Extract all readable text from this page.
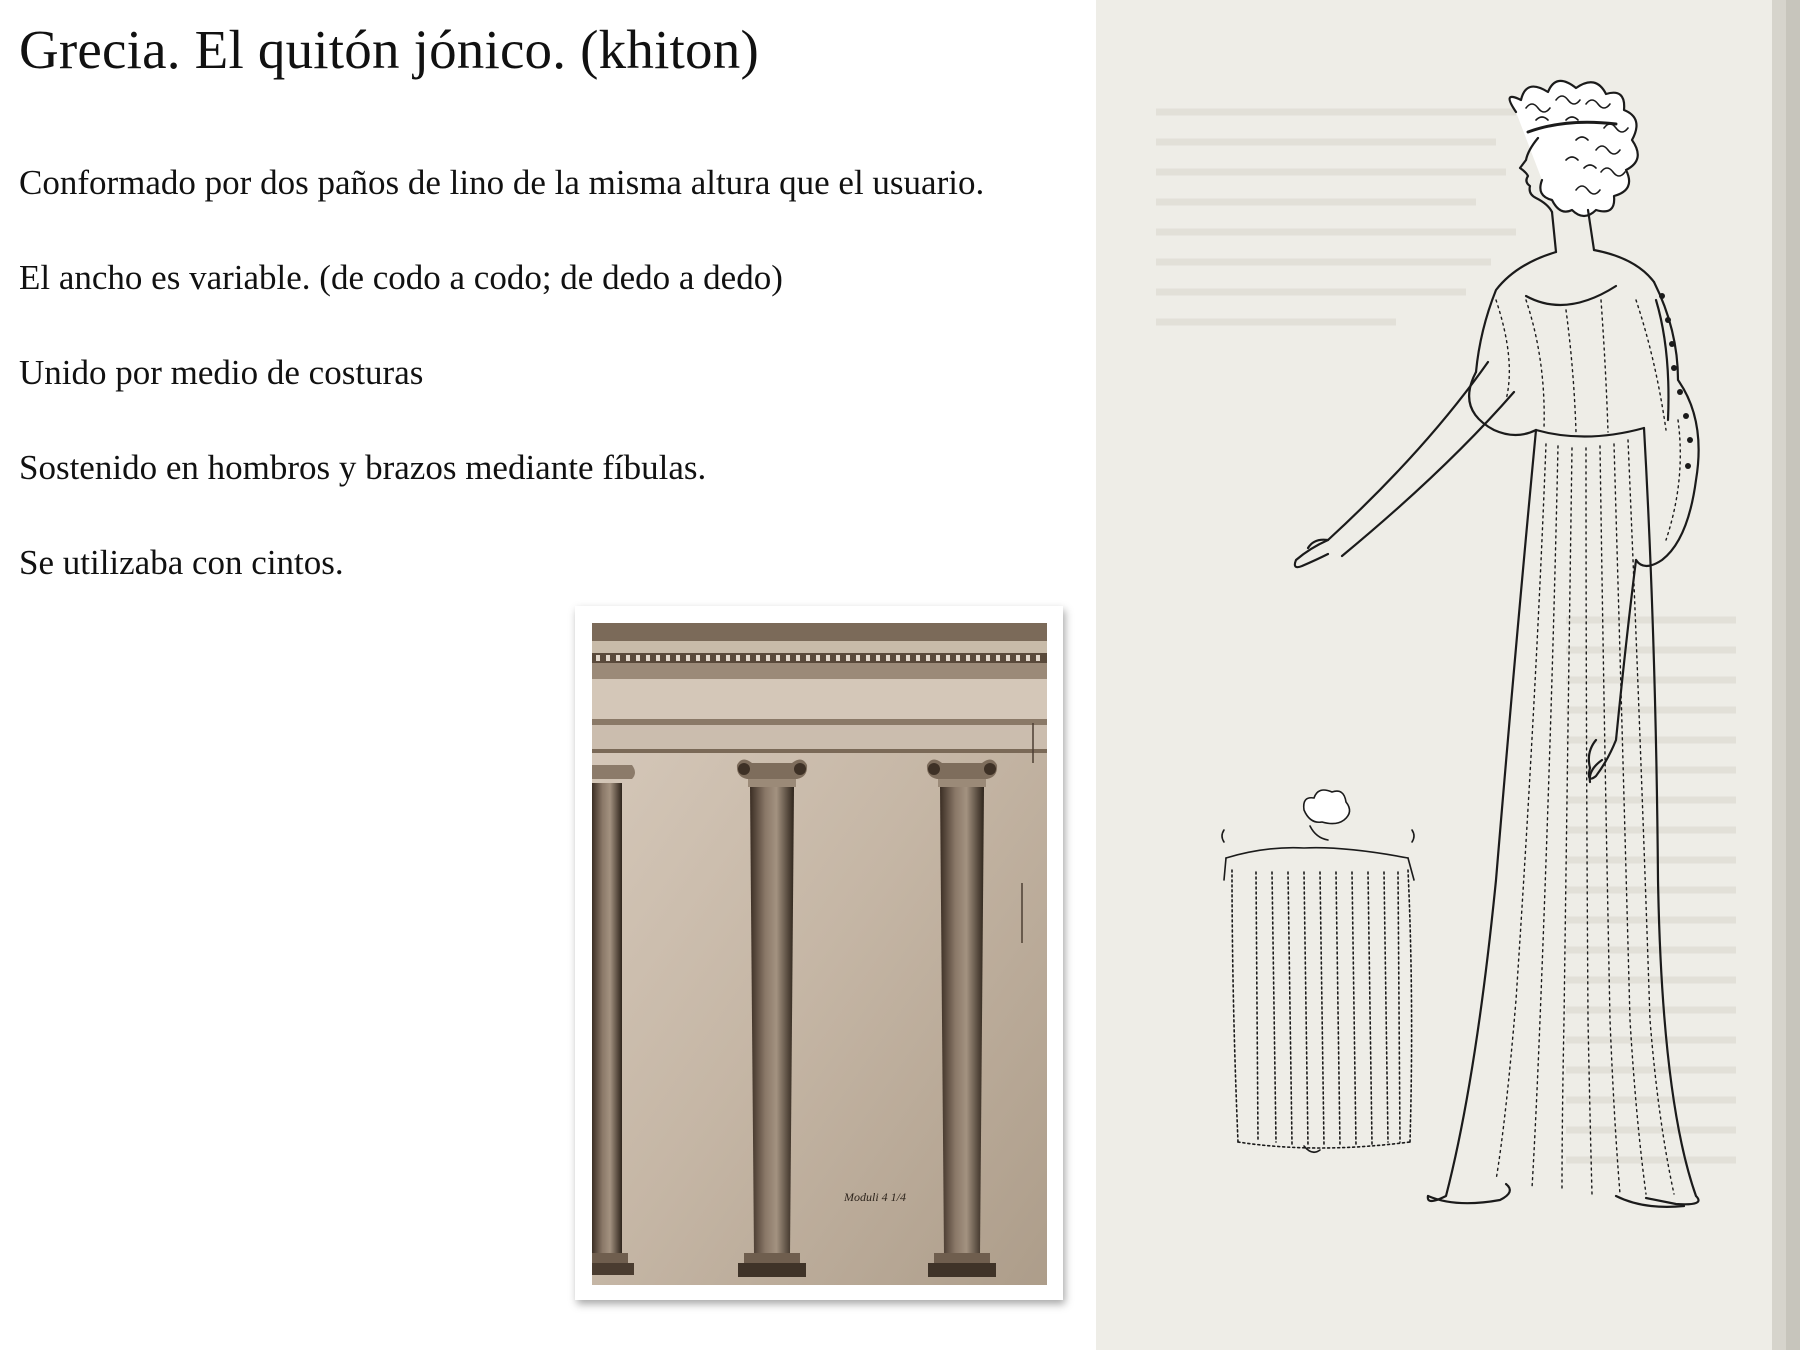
Grecia. El quitón jónico. (khiton)
Conformado por dos paños de lino de la misma altura que el usuario.
El ancho es variable. (de codo a codo; de dedo a dedo)
Unido por medio de costuras
Sostenido en hombros y brazos mediante fíbulas.
Se utilizaba con cintos.
Moduli 4 1/4
